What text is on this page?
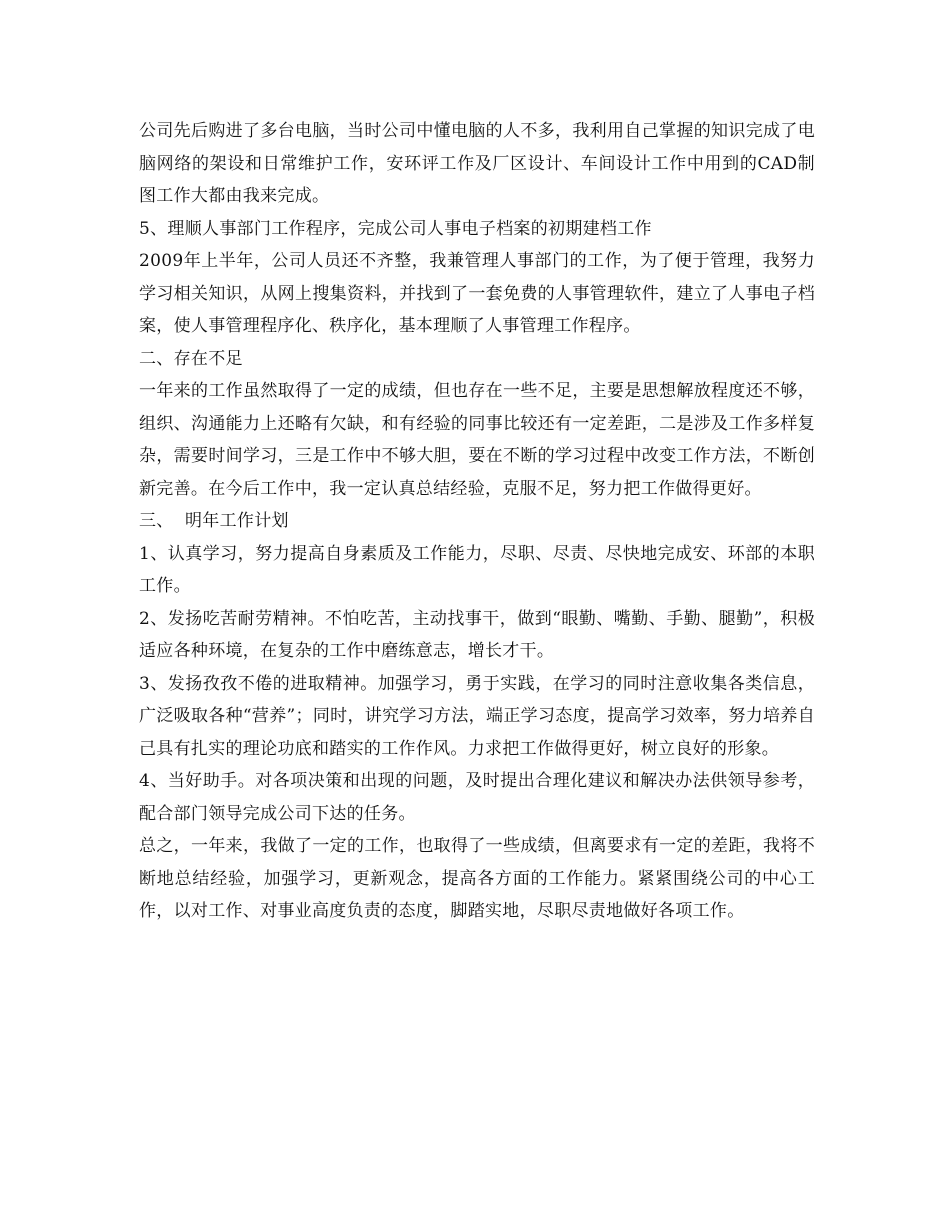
公司先后购进了多台电脑，当时公司中懂电脑的人不多，我利用自己掌握的知识完成了电脑网络的架设和日常维护工作，安环评工作及厂区设计、车间设计工作中用到的CAD制图工作大都由我来完成。

5、理顺人事部门工作程序，完成公司人事电子档案的初期建档工作

2009年上半年，公司人员还不齐整，我兼管理人事部门的工作，为了便于管理，我努力学习相关知识，从网上搜集资料，并找到了一套免费的人事管理软件，建立了人事电子档案，使人事管理程序化、秩序化，基本理顺了人事管理工作程序。

二、存在不足

一年来的工作虽然取得了一定的成绩，但也存在一些不足，主要是思想解放程度还不够，组织、沟通能力上还略有欠缺，和有经验的同事比较还有一定差距，二是涉及工作多样复杂，需要时间学习，三是工作中不够大胆，要在不断的学习过程中改变工作方法，不断创新完善。在今后工作中，我一定认真总结经验，克服不足，努力把工作做得更好。

三、  明年工作计划

1、认真学习，努力提高自身素质及工作能力，尽职、尽责、尽快地完成安、环部的本职工作。

2、发扬吃苦耐劳精神。不怕吃苦，主动找事干，做到“眼勤、嘴勤、手勤、腿勤”，积极适应各种环境，在复杂的工作中磨练意志，增长才干。

3、发扬孜孜不倦的进取精神。加强学习，勇于实践，在学习的同时注意收集各类信息，广泛吸取各种“营养”；同时，讲究学习方法，端正学习态度，提高学习效率，努力培养自己具有扎实的理论功底和踏实的工作作风。力求把工作做得更好，树立良好的形象。

4、当好助手。对各项决策和出现的问题，及时提出合理化建议和解决办法供领导参考，配合部门领导完成公司下达的任务。

总之，一年来，我做了一定的工作，也取得了一些成绩，但离要求有一定的差距，我将不断地总结经验，加强学习，更新观念，提高各方面的工作能力。紧紧围绕公司的中心工作，以对工作、对事业高度负责的态度，脚踏实地，尽职尽责地做好各项工作。
